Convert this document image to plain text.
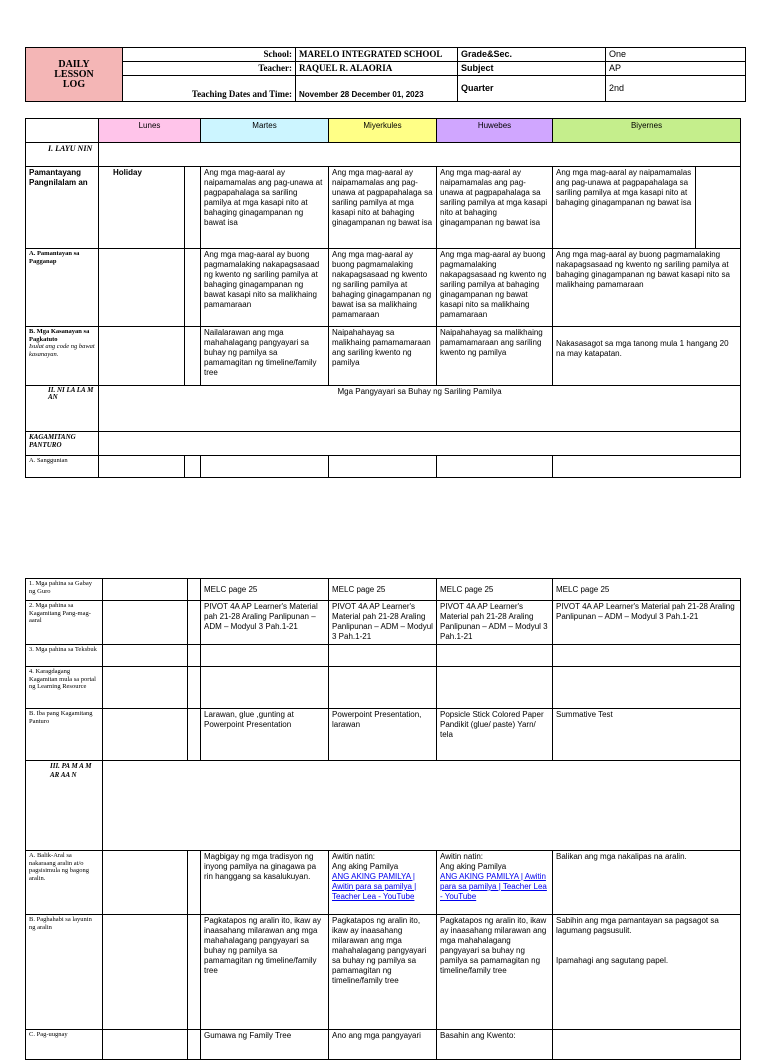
DAILY
LESSON
LOG	School:	MARELO INTEGRATED SCHOOL	Grade&Sec.	One
	Teacher:	RAQUEL R. ALAORIA	Subject	AP
	Teaching Dates and Time:	November 28 December 01, 2023	Quarter	2nd
	Lunes		Martes	Miyerkules	Huwebes	Biyernes	
I. LAYU NIN							
Pamantayang Pangnilalam an	Holiday		Ang mga mag-aaral ay naipamamalas ang pag-unawa at pagpapahalaga sa sariling pamilya at mga kasapi nito at bahaging ginagampanan ng bawat isa	Ang mga mag-aaral ay naipamamalas ang pag-unawa at pagpapahalaga sa sariling pamilya at mga kasapi nito at bahaging ginagampanan ng bawat isa	Ang mga mag-aaral ay naipamamalas ang pag-unawa at pagpapahalaga sa sariling pamilya at mga kasapi nito at bahaging ginagampanan ng bawat isa	Ang mga mag-aaral ay naipamamalas ang pag-unawa at pagpapahalaga sa sariling pamilya at mga kasapi nito at bahaging ginagampanan ng bawat isa	
A. Pamantayan sa Pagganap			Ang mga mag-aaral ay buong pagmamalaking nakapagsasaad ng kwento ng sariling pamilya at bahaging ginagampanan ng bawat kasapi nito sa malikhaing pamamaraan	Ang mga mag-aaral ay buong pagmamalaking nakapagsasaad ng kwento ng sariling pamilya at bahaging ginagampanan ng bawat isa sa malikhaing pamamaraan	Ang mga mag-aaral ay buong pagmamalaking nakapagsasaad ng kwento ng sariling pamilya at bahaging ginagampanan ng bawat kasapi nito sa malikhaing pamamaraan	Ang mga mag-aaral ay buong pagmamalaking nakapagsasaad ng kwento ng sariling pamilya at bahaging ginagampanan ng bawat kasapi nito sa malikhaing pamamaraan	
B. Mga Kasanayan sa Pagkatuto
Isulat ang code ng bawat kasanayan.			Nailalarawan ang mga mahahalagang pangyayari sa buhay ng pamilya sa pamamagitan ng timeline/family tree	Naipahahayag sa malikhaing pamamamaraan ang sariling kwento ng pamilya	Naipahahayag sa malikhaing pamamamaraan ang sariling kwento ng pamilya	Nakasasagot sa mga tanong mula 1 hangang 20 na may katapatan.	
II. NI LA LA M AN	Mga Pangyayari sa Buhay ng Sariling Pamilya						
KAGAMITANG PANTURO							
A. Sanggunian							
1. Mga pahina sa Gabay ng Guro			MELC page 25	MELC page 25	MELC page 25	MELC page 25
2. Mga pahina sa Kagamitang Pang-mag-aaral			PIVOT 4A AP Learner's Material pah 21-28 Araling Panlipunan – ADM – Modyul 3 Pah.1-21	PIVOT 4A AP Learner's Material pah 21-28 Araling Panlipunan – ADM – Modyul 3 Pah.1-21	PIVOT 4A AP Learner's Material pah 21-28 Araling Panlipunan – ADM – Modyul 3 Pah.1-21	PIVOT 4A AP Learner's Material pah 21-28 Araling Panlipunan – ADM – Modyul 3 Pah.1-21
3. Mga pahina sa Teksbuk						
4. Karagdagang Kagamitan mula sa portal ng Learning Resource						
B. Iba pang Kagamitang Panturo			Larawan, glue ,gunting at Powerpoint Presentation	Powerpoint Presentation, larawan	Popsicle Stick Colored Paper Pandikit (glue/ paste) Yarn/ tela	Summative Test
III. PA M A M AR AA N						
A. Balik-Aral sa nakaraang aralin at/o pagsisimula ng bagong aralin.			Magbigay ng mga tradisyon ng inyong pamilya na ginagawa pa rin hanggang sa kasalukuyan.	Awitin natin:
Ang aking Pamilya
ANG AKING PAMILYA | Awitin para sa pamilya | Teacher Lea - YouTube	Awitin natin:
Ang aking Pamilya
ANG AKING PAMILYA | Awitin para sa pamilya | Teacher Lea - YouTube	Balikan ang mga nakalipas na aralin.
B. Paghahabi sa layunin ng aralin			Pagkatapos ng aralin ito, ikaw ay inaasahang milarawan ang mga mahahalagang pangyayari sa buhay ng pamilya sa pamamagitan ng timeline/family tree	Pagkatapos ng aralin ito, ikaw ay inaasahang milarawan ang mga mahahalagang pangyayari sa buhay ng pamilya sa pamamagitan ng timeline/family tree	Pagkatapos ng aralin ito, ikaw ay inaasahang milarawan ang mga mahahalagang pangyayari sa buhay ng pamilya sa pamamagitan ng timeline/family tree	Sabihin ang mga pamantayan sa pagsagot sa lagumang pagsusulit.

Ipamahagi ang sagutang papel.
C. Pag-uugnay			Gumawa ng Family Tree	Ano ang mga pangyayari	Basahin ang Kwento:	
